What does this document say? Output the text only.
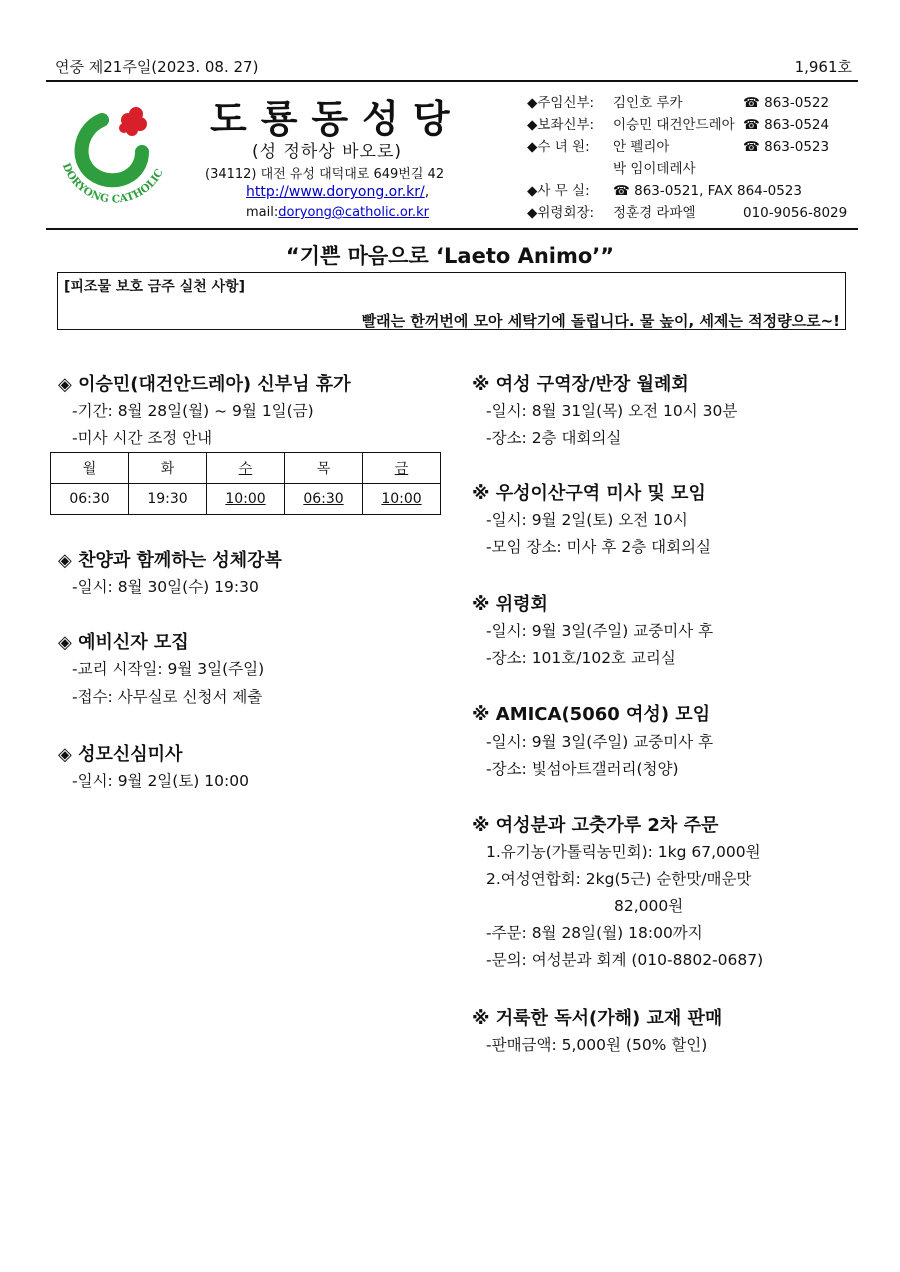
연중 제21주일(2023. 08. 27)	1,961호
DORYONG CATHOLIC
도룡동성당
(성 정하상 바오로)
(34112) 대전 유성 대덕대로 649번길 42
http://www.doryong.or.kr/,
mail:doryong@catholic.or.kr
◆주임신부:	김인호 루카	☎ 863-0522
◆보좌신부:	이승민 대건안드레아 ☎ 863-0524
◆수 녀 원:	안 펠리아	☎ 863-0523
박 임이데레사
◆사 무 실:	☎ 863-0521, FAX 864-0523
◆위령회장:	정훈경 라파엘	010-9056-8029
“기쁜 마음으로 ‘Laeto Animo’”
[피조물 보호 금주 실천 사항]
빨래는 한꺼번에 모아 세탁기에 돌립니다. 물 높이, 세제는 적정량으로~!
◈ 이승민(대건안드레아) 신부님 휴가
-기간: 8월 28일(월) ~ 9월 1일(금)
-미사 시간 조정 안내
월	화	수	목	금
06:30	19:30	10:00	06:30	10:00
◈ 찬양과 함께하는 성체강복
-일시: 8월 30일(수) 19:30
◈ 예비신자 모집
-교리 시작일: 9월 3일(주일)
-접수: 사무실로 신청서 제출
◈ 성모신심미사
-일시: 9월 2일(토) 10:00
※ 여성 구역장/반장 월례회
-일시: 8월 31일(목) 오전 10시 30분
-장소: 2층 대회의실
※ 우성이산구역 미사 및 모임
-일시: 9월 2일(토) 오전 10시
-모임 장소: 미사 후 2층 대회의실
※ 위령회
-일시: 9월 3일(주일) 교중미사 후
-장소: 101호/102호 교리실
※ AMICA(5060 여성) 모임
-일시: 9월 3일(주일) 교중미사 후
-장소: 빛섬아트갤러리(청양)
※ 여성분과 고춧가루 2차 주문
1.유기농(가톨릭농민회): 1kg 67,000원
2.여성연합회: 2kg(5근) 순한맛/매운맛
82,000원
-주문: 8월 28일(월) 18:00까지
-문의: 여성분과 회계 (010-8802-0687)
※ 거룩한 독서(가해) 교재 판매
-판매금액: 5,000원 (50% 할인)
